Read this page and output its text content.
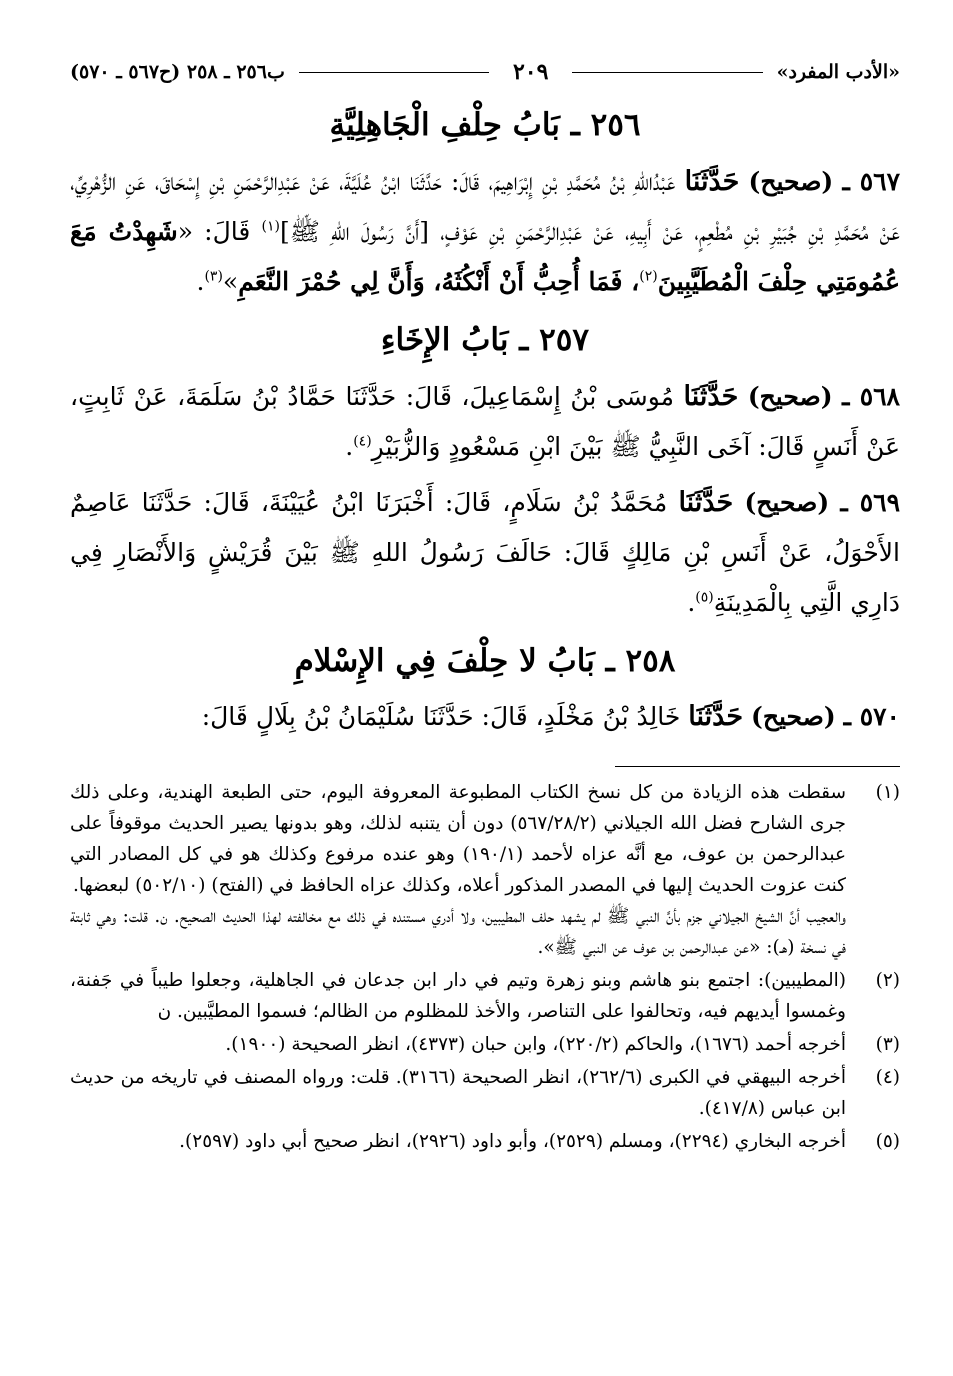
«الأدب المفرد»
٢٠٩
ب٢٥٦ ـ ٢٥٨ (ح٥٦٧ ـ ٥٧٠)
٢٥٦ ـ بَابُ حِلْفِ الْجَاهِلِيَّةِ

٥٦٧ ـ (صحيح) حَدَّثَنَا عَبْدُاللهِ بْنُ مُحَمَّدِ بْنِ إِبْرَاهِيمَ، قَالَ: حَدَّثَنَا ابْنُ عُلَيَّةَ، عَنْ عَبْدِالرَّحْمَنِ بْنِ إِسْحَاقَ، عَنِ الزُّهْرِيِّ، عَنْ مُحَمَّدِ بْنِ جُبَيْرِ بْنِ مُطْعِمٍ، عَنْ أَبِيهِ، عَنْ عَبْدِالرَّحْمَنِ بْنِ عَوْفٍ، [أَنَّ رَسُولَ اللهِ ﷺ]$^{(١)}$ قَالَ: «شَهِدْتُ مَعَ عُمُومَتِي حِلْفَ الْمُطَيَّبِينَ$^{(٢)}$، فَمَا أُحِبُّ أَنْ أَنْكُثَهُ، وَأَنَّ لِي حُمْرَ النَّعَمِ»$^{(٣)}$.

٢٥٧ ـ بَابُ الإِخَاءِ

٥٦٨ ـ (صحيح) حَدَّثَنَا مُوسَى بْنُ إِسْمَاعِيلَ، قَالَ: حَدَّثَنَا حَمَّادُ بْنُ سَلَمَةَ، عَنْ ثَابِتٍ، عَنْ أَنَسٍ قَالَ: آخَى النَّبِيُّ ﷺ بَيْنَ ابْنِ مَسْعُودٍ وَالزُّبَيْرِ$^{(٤)}$.

٥٦٩ ـ (صحيح) حَدَّثَنَا مُحَمَّدُ بْنُ سَلَامٍ، قَالَ: أَخْبَرَنَا ابْنُ عُيَيْنَةَ، قَالَ: حَدَّثَنَا عَاصِمٌ الأَحْوَلُ، عَنْ أَنَسِ بْنِ مَالِكٍ قَالَ: حَالَفَ رَسُولُ اللهِ ﷺ بَيْنَ قُرَيْشٍ وَالأَنْصَارِ فِي دَارِي الَّتِي بِالْمَدِينَةِ$^{(٥)}$.

٢٥٨ ـ بَابُ لا حِلْفَ فِي الإِسْلامِ

٥٧٠ ـ (صحيح) حَدَّثَنَا خَالِدُ بْنُ مَخْلَدٍ، قَالَ: حَدَّثَنَا سُلَيْمَانُ بْنُ بِلَالٍ قَالَ:

(١)

سقطت هذه الزيادة من كل نسخ الكتاب المطبوعة المعروفة اليوم، حتى الطبعة الهندية، وعلى ذلك جرى الشارح فضل الله الجيلاني (٥٦٧/٢٨/٢) دون أن يتنبه لذلك، وهو بدونها يصير الحديث موقوفاً على عبدالرحمن بن عوف، مع أنَّه عزاه لأحمد (١٩٠/١) وهو عنده مرفوع وكذلك هو في كل المصادر التي كنت عزوت الحديث إليها في المصدر المذكور أعلاه، وكذلك عزاه الحافظ في (الفتح) (٥٠٢/١٠) لبعضها.

والعجيب أنَّ الشيخ الجيلاني جزم بأنَّ النبي ﷺ لم يشهد حلف المطيبين، ولا أدري مستنده في ذلك مع مخالفته لهذا الحديث الصحيح. ن. قلت: وهي ثابتة في نسخة (هـ): «عن عبدالرحمن بن عوف عن النبي ﷺ».

(٢)

(المطيبين): اجتمع بنو هاشم وبنو زهرة وتيم في دار ابن جدعان في الجاهلية، وجعلوا طيباً في جَفنة، وغمسوا أيديهم فيه، وتحالفوا على التناصر، والأخذ للمظلوم من الظالم؛ فسموا المطيَّبين. ن

(٣)

أخرجه أحمد (١٦٧٦)، والحاكم (٢٢٠/٢)، وابن حبان (٤٣٧٣)، انظر الصحيحة (١٩٠٠).

(٤)

أخرجه البيهقي في الكبرى (٢٦٢/٦)، انظر الصحيحة (٣١٦٦). قلت: ورواه المصنف في تاريخه من حديث ابن عباس (٤١٧/٨).

(٥)

أخرجه البخاري (٢٢٩٤)، ومسلم (٢٥٢٩)، وأبو داود (٢٩٢٦)، انظر صحيح أبي داود (٢٥٩٧).
